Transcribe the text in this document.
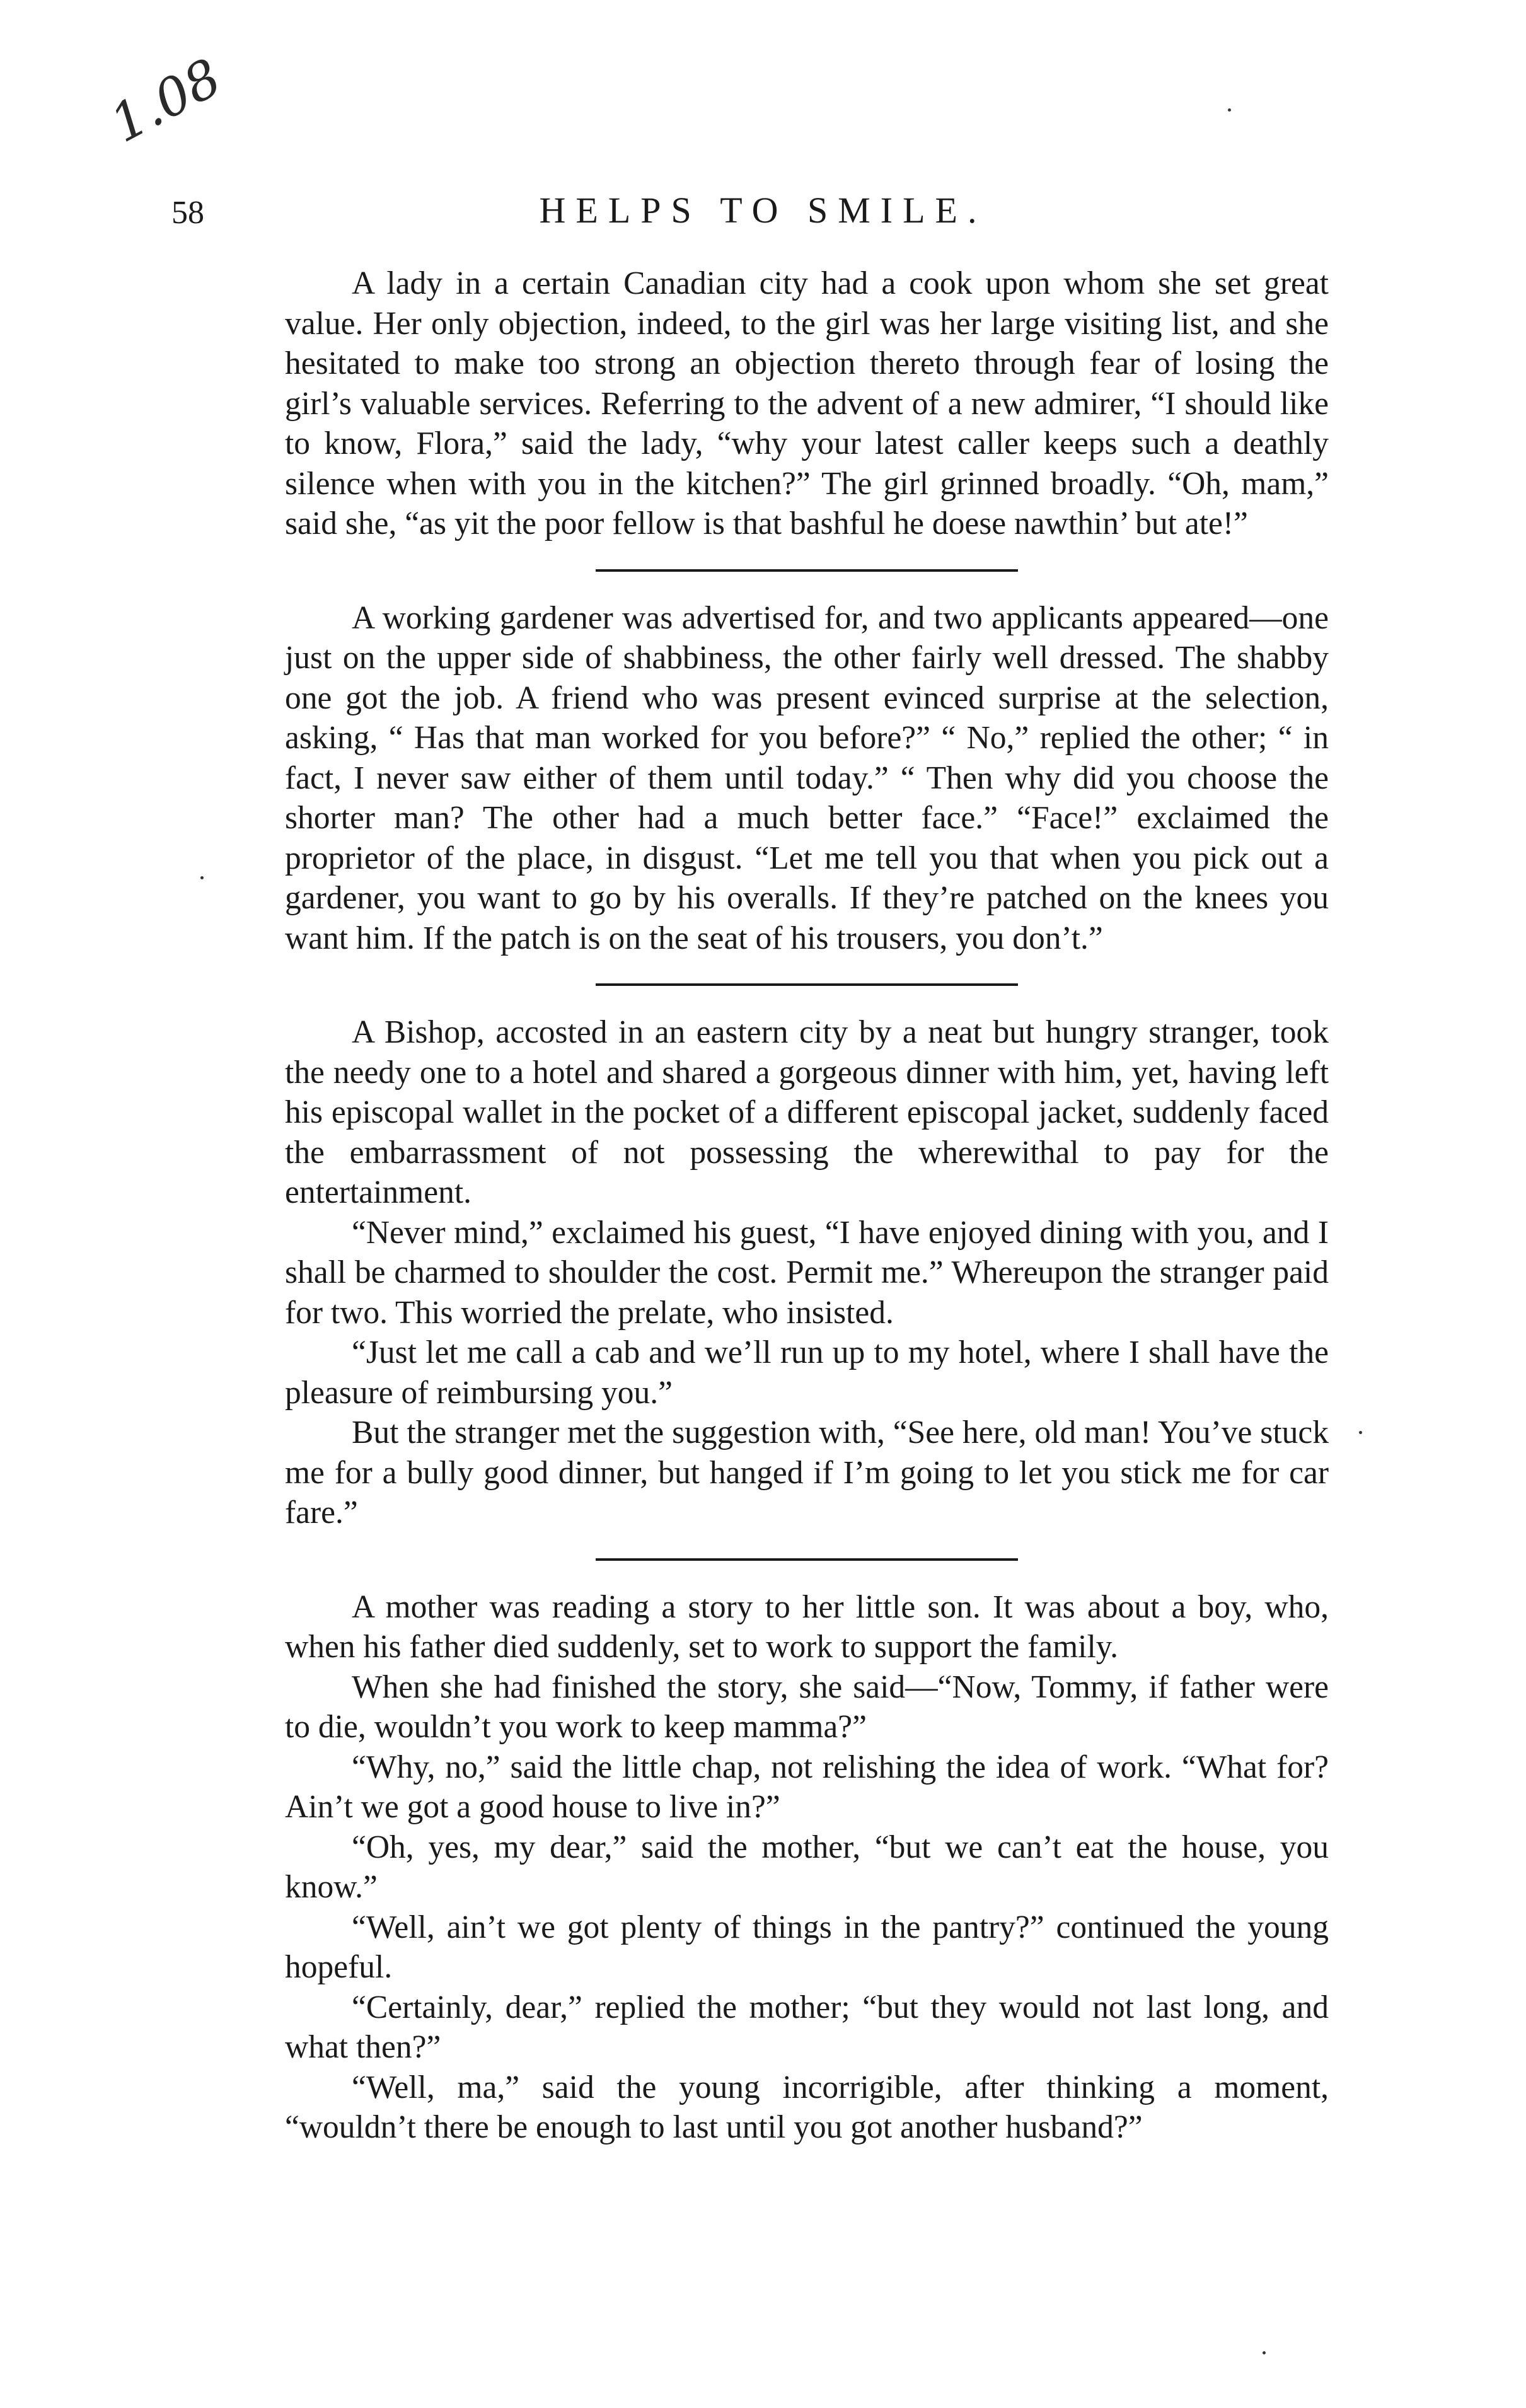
1.08
58	HELPS TO SMILE.

A lady in a certain Canadian city had a cook upon whom she set great value. Her only objection, indeed, to the girl was her large visiting list, and she hesitated to make too strong an objection thereto through fear of losing the girl’s valuable services. Referring to the advent of a new admirer, “I should like to know, Flora,” said the lady, “why your latest caller keeps such a deathly silence when with you in the kitchen?” The girl grinned broadly. “Oh, mam,” said she, “as yit the poor fellow is that bashful he doese nawthin’ but ate!”

A working gardener was advertised for, and two applicants appeared—one just on the upper side of shabbiness, the other fairly well dressed. The shabby one got the job. A friend who was present evinced surprise at the selection, asking, “ Has that man worked for you before?” “ No,” replied the other; “ in fact, I never saw either of them until today.” “ Then why did you choose the shorter man? The other had a much better face.” “Face!” exclaimed the proprietor of the place, in disgust. “Let me tell you that when you pick out a gardener, you want to go by his overalls. If they’re patched on the knees you want him. If the patch is on the seat of his trousers, you don’t.”

A Bishop, accosted in an eastern city by a neat but hungry stranger, took the needy one to a hotel and shared a gorgeous dinner with him, yet, having left his episcopal wallet in the pocket of a different episcopal jacket, suddenly faced the embarrassment of not possessing the wherewithal to pay for the entertainment.

“Never mind,” exclaimed his guest, “I have enjoyed dining with you, and I shall be charmed to shoulder the cost. Permit me.” Whereupon the stranger paid for two. This worried the prelate, who insisted.

“Just let me call a cab and we’ll run up to my hotel, where I shall have the pleasure of reimbursing you.”

But the stranger met the suggestion with, “See here, old man! You’ve stuck me for a bully good dinner, but hanged if I’m going to let you stick me for car fare.”

A mother was reading a story to her little son. It was about a boy, who, when his father died suddenly, set to work to support the family.

When she had finished the story, she said—“Now, Tommy, if father were to die, wouldn’t you work to keep mamma?”

“Why, no,” said the little chap, not relishing the idea of work. “What for? Ain’t we got a good house to live in?”

“Oh, yes, my dear,” said the mother, “but we can’t eat the house, you know.”

“Well, ain’t we got plenty of things in the pantry?” continued the young hopeful.

“Certainly, dear,” replied the mother; “but they would not last long, and what then?”

“Well, ma,” said the young incorrigible, after thinking a moment, “wouldn’t there be enough to last until you got another husband?”
